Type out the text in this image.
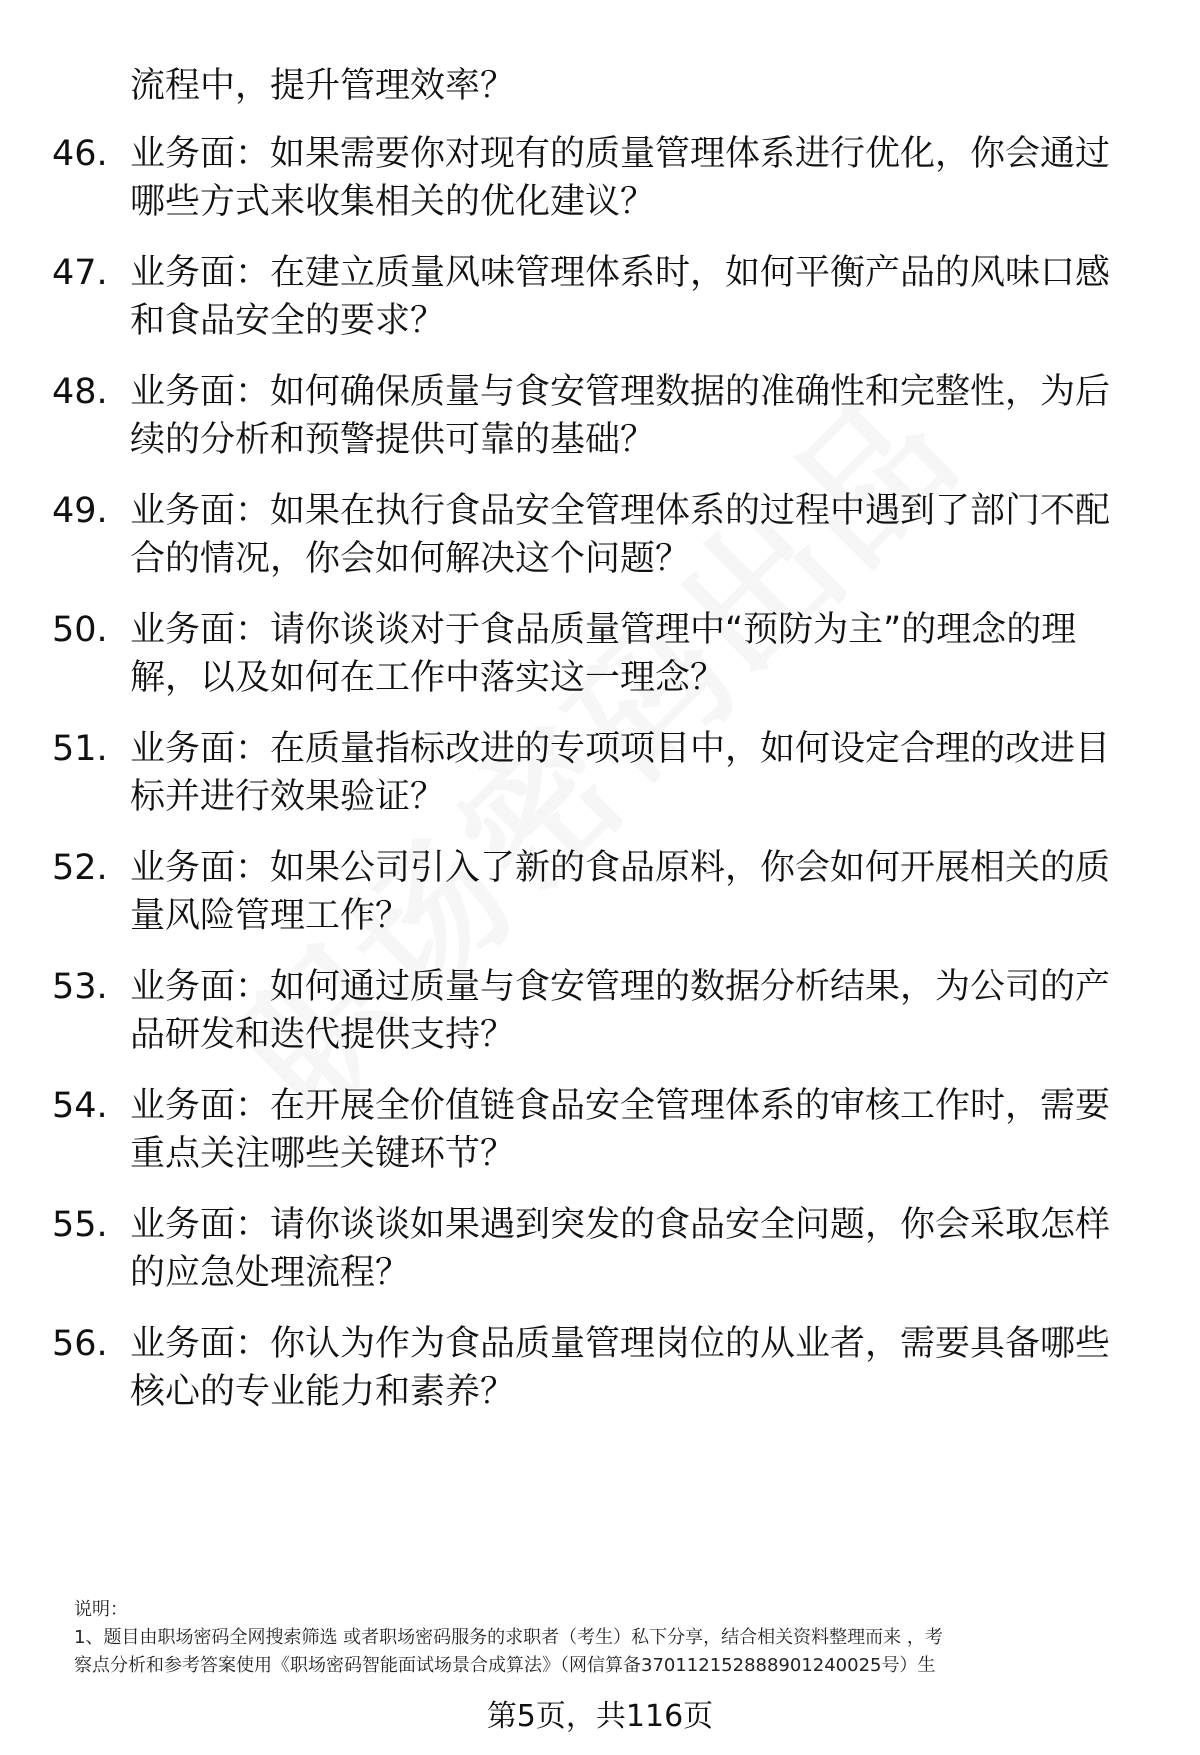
流程中，提升管理效率？
46. 业务面：如果需要你对现有的质量管理体系进行优化，你会通过哪些方式来收集相关的优化建议？
47. 业务面：在建立质量风味管理体系时，如何平衡产品的风味口感和食品安全的要求？
48. 业务面：如何确保质量与食安管理数据的准确性和完整性，为后续的分析和预警提供可靠的基础？
49. 业务面：如果在执行食品安全管理体系的过程中遇到了部门不配合的情况，你会如何解决这个问题？
50. 业务面：请你谈谈对于食品质量管理中“预防为主”的理念的理解，以及如何在工作中落实这一理念？
51. 业务面：在质量指标改进的专项项目中，如何设定合理的改进目标并进行效果验证？
52. 业务面：如果公司引入了新的食品原料，你会如何开展相关的质量风险管理工作？
53. 业务面：如何通过质量与食安管理的数据分析结果，为公司的产品研发和迭代提供支持？
54. 业务面：在开展全价值链食品安全管理体系的审核工作时，需要重点关注哪些关键环节？
55. 业务面：请你谈谈如果遇到突发的食品安全问题，你会采取怎样的应急处理流程？
56. 业务面：你认为作为食品质量管理岗位的从业者，需要具备哪些核心的专业能力和素养？
说明：
1、题目由职场密码全网搜索筛选 或者职场密码服务的求职者（考生）私下分享，结合相关资料整理而来 ，考
察点分析和参考答案使用《职场密码智能面试场景合成算法》（网信算备370112152888901240025号）生
第5页，共116页
